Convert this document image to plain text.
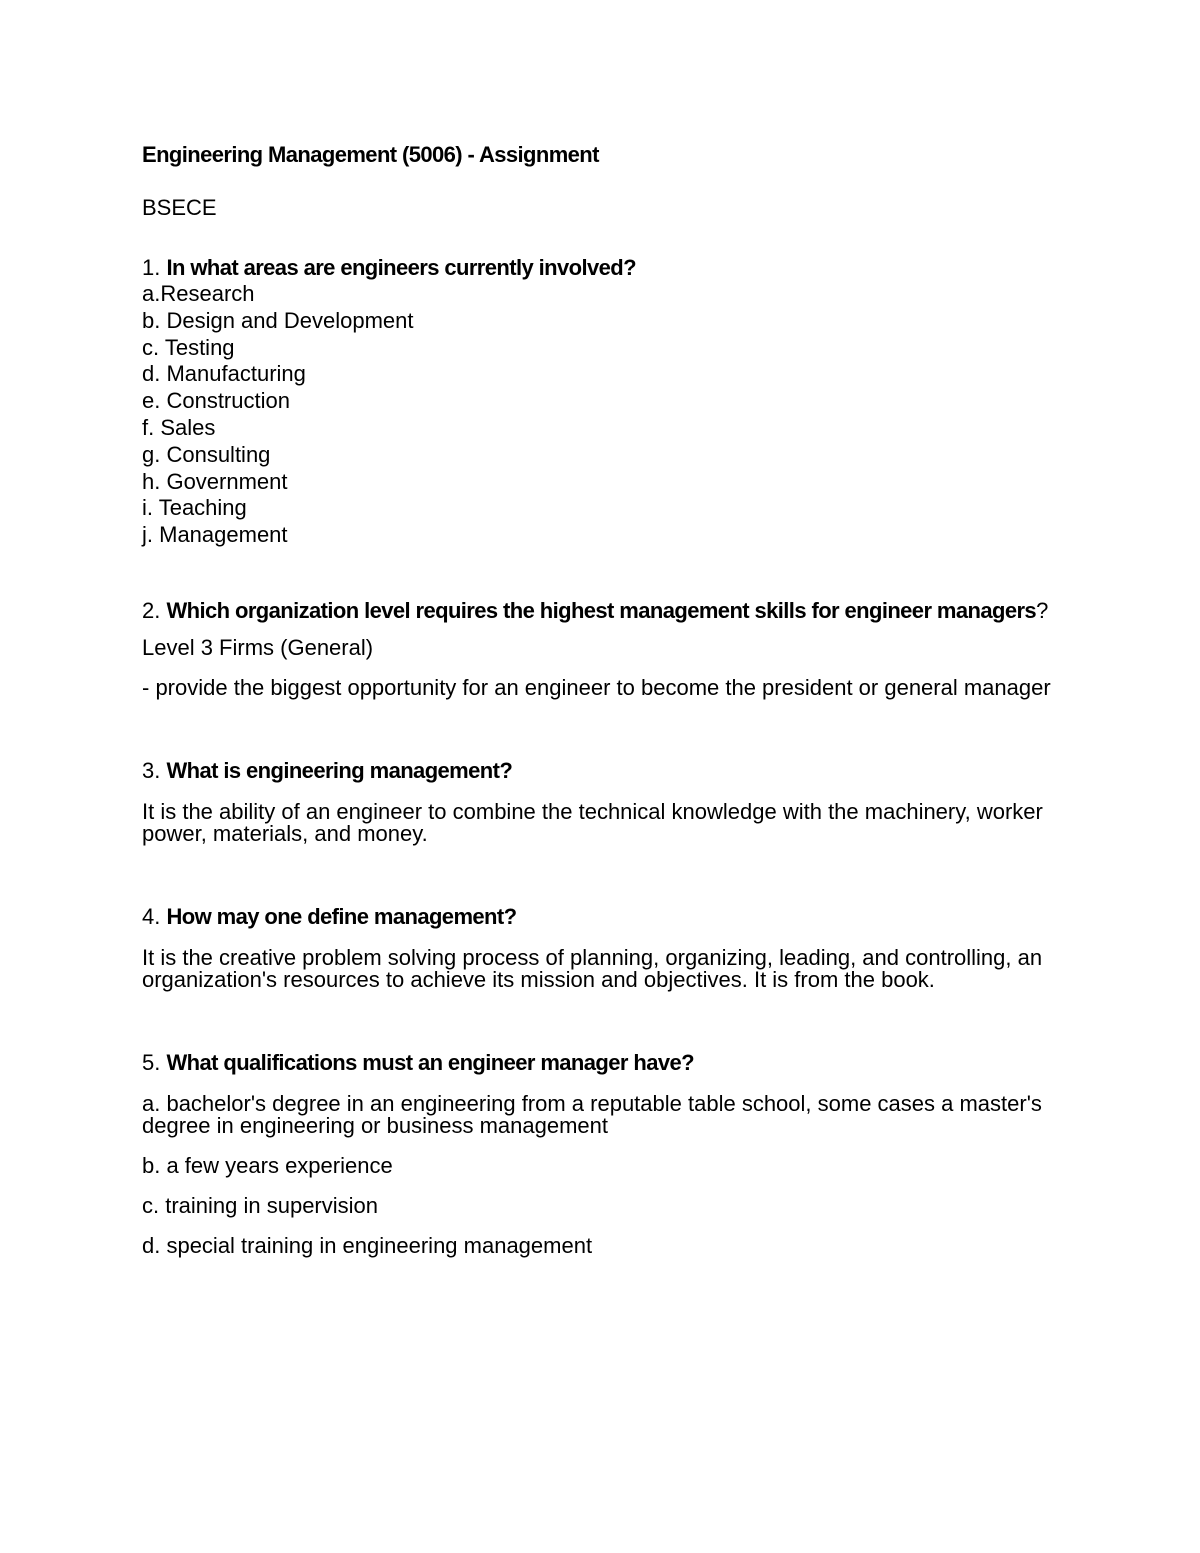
Engineering Management (5006) - Assignment
BSECE

1. In what areas are engineers currently involved?

a.Research
b. Design and Development
c. Testing
d. Manufacturing
e. Construction
f. Sales
g. Consulting
h. Government
i. Teaching
j. Management

2. Which organization level requires the highest management skills for engineer managers?

Level 3 Firms (General)

- provide the biggest opportunity for an engineer to become the president or general manager

3. What is engineering management?

It is the ability of an engineer to combine the technical knowledge with the machinery, worker power, materials, and money.

4. How may one define management?

It is the creative problem solving process of planning, organizing, leading, and controlling, an organization's resources to achieve its mission and objectives. It is from the book.

5. What qualifications must an engineer manager have?

a. bachelor's degree in an engineering from a reputable table school, some cases a master's degree in engineering or business management

b. a few years experience

c. training in supervision

d. special training in engineering management
